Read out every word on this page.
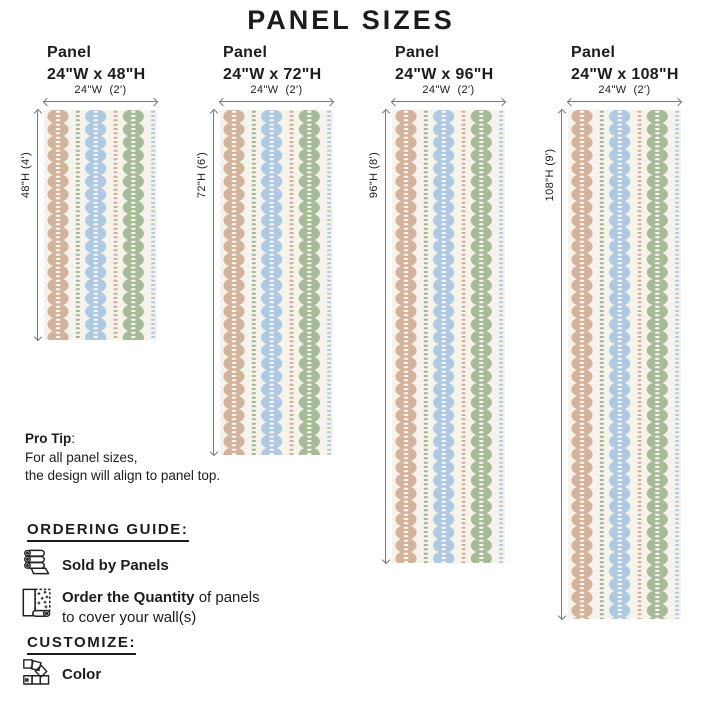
PANEL SIZES
Panel
24"W x 48"H
24"W  (2')
48"H (4')
Panel
24"W x 72"H
24"W  (2')
72"H (6')
Panel
24"W x 96"H
24"W  (2')
96"H (8')
Panel
24"W x 108"H
24"W  (2')
108"H (9')
Pro Tip:
For all panel sizes,
the design will align to panel top.
ORDERING GUIDE:
Sold by Panels
Order the Quantity of panels
to cover your wall(s)
CUSTOMIZE:
Color
